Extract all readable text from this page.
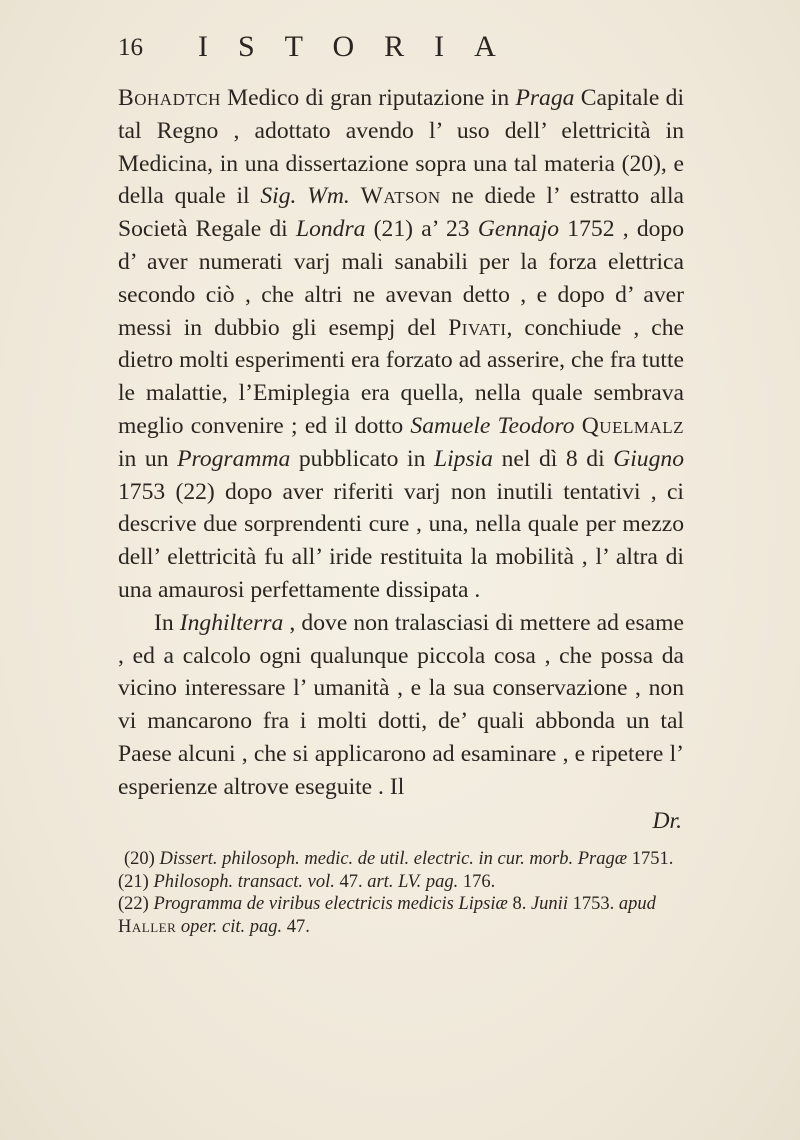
16 ISTORIA

Bohadtch Medico di gran riputazione in Praga Capitale di tal Regno , adottato avendo l’ uso dell’ elettricità in Medicina, in una dissertazione sopra una tal materia (20), e della quale il Sig. Wm. Watson ne diede l’ estratto alla Società Regale di Londra (21) a’ 23 Gennajo 1752 , dopo d’ aver numerati varj mali sanabili per la forza elettrica secondo ciò , che altri ne avevan detto , e dopo d’ aver messi in dubbio gli esempj del Pivati, conchiude , che dietro molti esperimenti era forzato ad asserire, che fra tutte le malattie, l’Emiplegia era quella, nella quale sembrava meglio convenire ; ed il dotto Samuele Teodoro Quelmalz in un Programma pubblicato in Lipsia nel dì 8 di Giugno 1753 (22) dopo aver riferiti varj non inutili tentativi , ci descrive due sorprendenti cure , una, nella quale per mezzo dell’ elettricità fu all’ iride restituita la mobilità , l’ altra di una amaurosi perfettamente dissipata .

In Inghilterra , dove non tralasciasi di mettere ad esame , ed a calcolo ogni qualunque piccola cosa , che possa da vicino interessare l’ umanità , e la sua conservazione , non vi mancarono fra i molti dotti, de’ quali abbonda un tal Paese alcuni , che si applicarono ad esaminare , e ripetere l’ esperienze altrove eseguite . Il

Dr.

(20) Dissert. philosoph. medic. de util. electric. in cur. morb. Pragæ 1751.

(21) Philosoph. transact. vol. 47. art. LV. pag. 176.

(22) Programma de viribus electricis medicis Lipsiæ 8. Junii 1753. apud Haller oper. cit. pag. 47.
